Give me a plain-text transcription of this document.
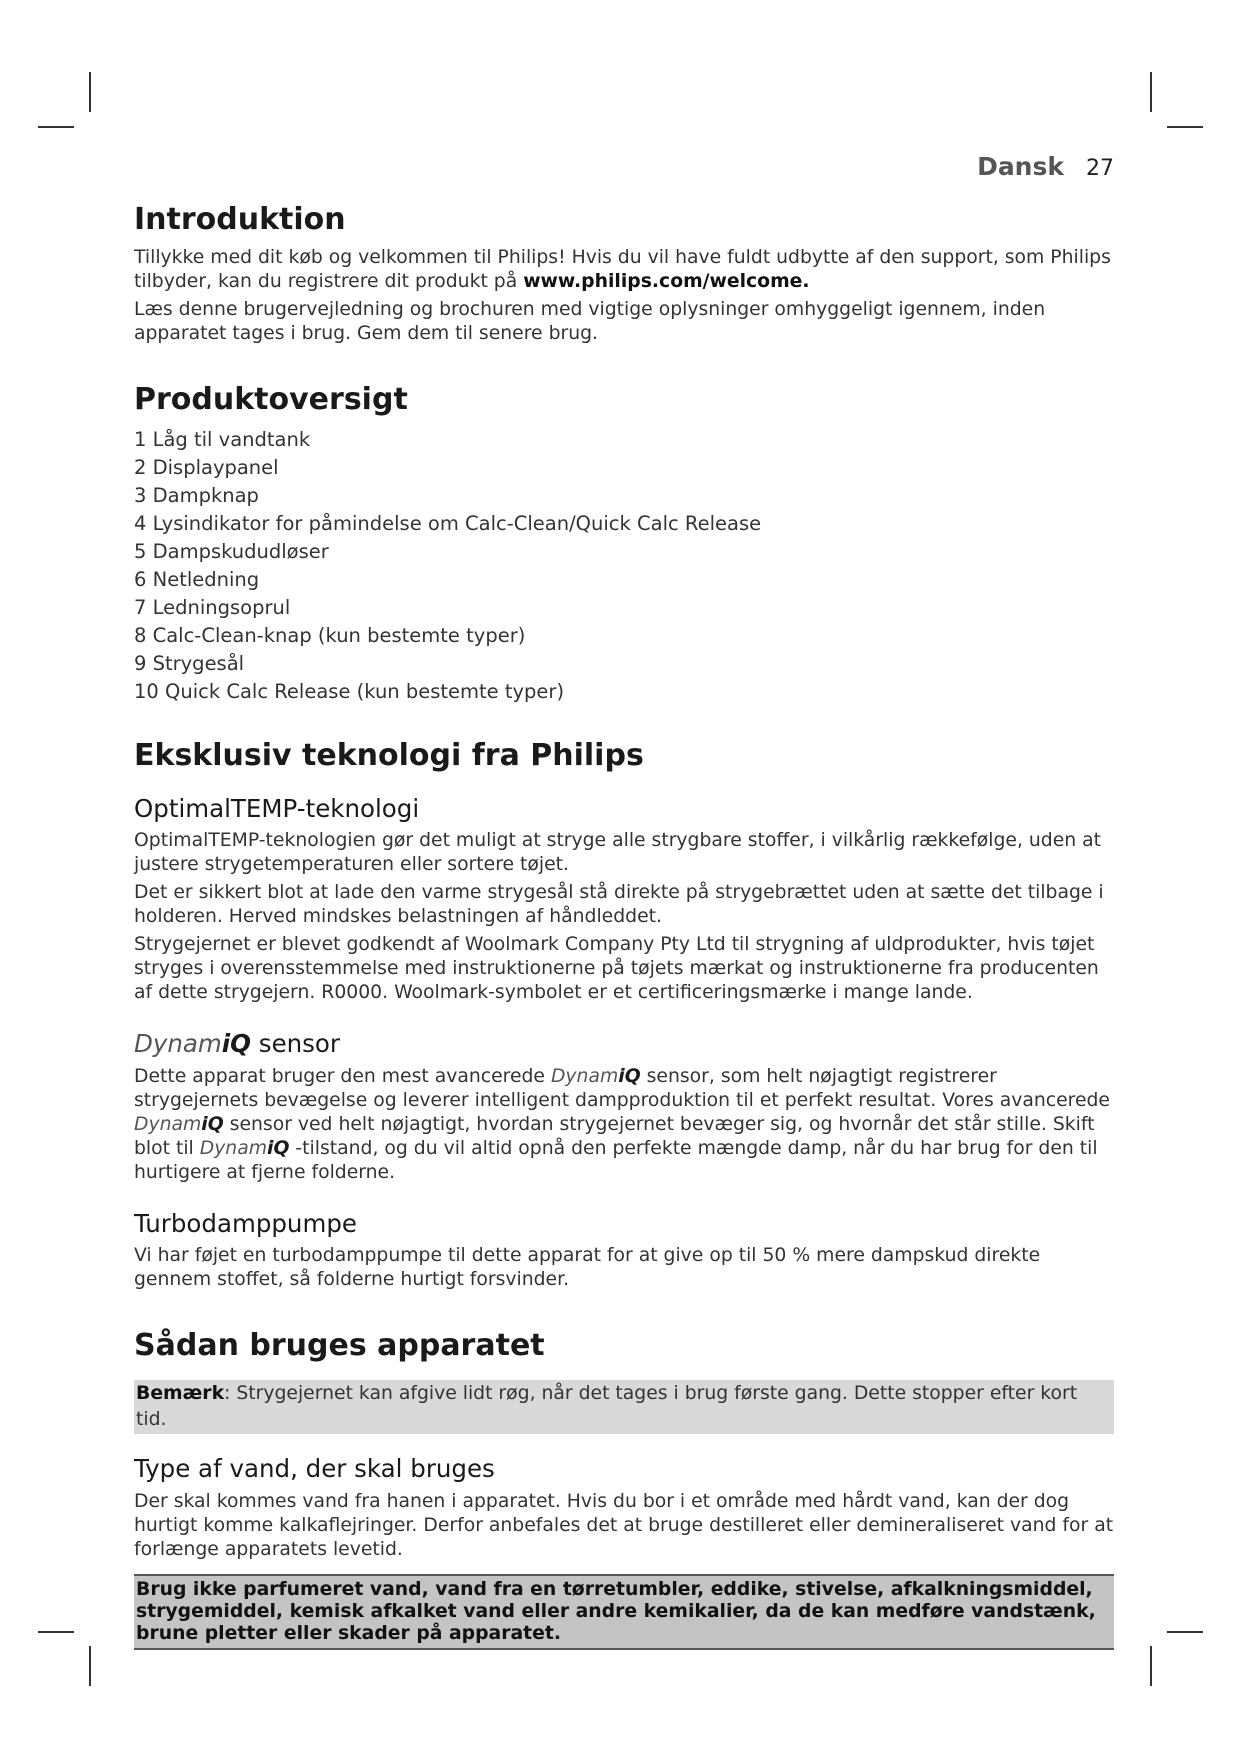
Dansk 27
Introduktion

Tillykke med dit køb og velkommen til Philips! Hvis du vil have fuldt udbytte af den support, som Philips tilbyder, kan du registrere dit produkt på www.philips.com/welcome.

Læs denne brugervejledning og brochuren med vigtige oplysninger omhyggeligt igennem, inden apparatet tages i brug. Gem dem til senere brug.

Produktoversigt
1 Låg til vandtank
2 Displaypanel
3 Dampknap
4 Lysindikator for påmindelse om Calc-Clean/Quick Calc Release
5 Dampskududløser
6 Netledning
7 Ledningsoprul
8 Calc-Clean-knap (kun bestemte typer)
9 Strygesål
10 Quick Calc Release (kun bestemte typer)
Eksklusiv teknologi fra Philips
OptimalTEMP-teknologi

OptimalTEMP-teknologien gør det muligt at stryge alle strygbare stoffer, i vilkårlig rækkefølge, uden at justere strygetemperaturen eller sortere tøjet.

Det er sikkert blot at lade den varme strygesål stå direkte på strygebrættet uden at sætte det tilbage i holderen. Herved mindskes belastningen af håndleddet.

Strygejernet er blevet godkendt af Woolmark Company Pty Ltd til strygning af uldprodukter, hvis tøjet stryges i overensstemmelse med instruktionerne på tøjets mærkat og instruktionerne fra producenten af dette strygejern. R0000. Woolmark-symbolet er et certificeringsmærke i mange lande.

DynamiQ sensor

Dette apparat bruger den mest avancerede DynamiQ sensor, som helt nøjagtigt registrerer strygejernets bevægelse og leverer intelligent dampproduktion til et perfekt resultat. Vores avancerede DynamiQ sensor ved helt nøjagtigt, hvordan strygejernet bevæger sig, og hvornår det står stille. Skift blot til DynamiQ -tilstand, og du vil altid opnå den perfekte mængde damp, når du har brug for den til hurtigere at fjerne folderne.

Turbodamppumpe

Vi har føjet en turbodamppumpe til dette apparat for at give op til 50 % mere dampskud direkte gennem stoffet, så folderne hurtigt forsvinder.

Sådan bruges apparatet

Bemærk: Strygejernet kan afgive lidt røg, når det tages i brug første gang. Dette stopper efter kort tid.

Type af vand, der skal bruges

Der skal kommes vand fra hanen i apparatet. Hvis du bor i et område med hårdt vand, kan der dog hurtigt komme kalkaflejringer. Derfor anbefales det at bruge destilleret eller demineraliseret vand for at forlænge apparatets levetid.

Brug ikke parfumeret vand, vand fra en tørretumbler, eddike, stivelse, afkalkningsmiddel, strygemiddel, kemisk afkalket vand eller andre kemikalier, da de kan medføre vandstænk, brune pletter eller skader på apparatet.
